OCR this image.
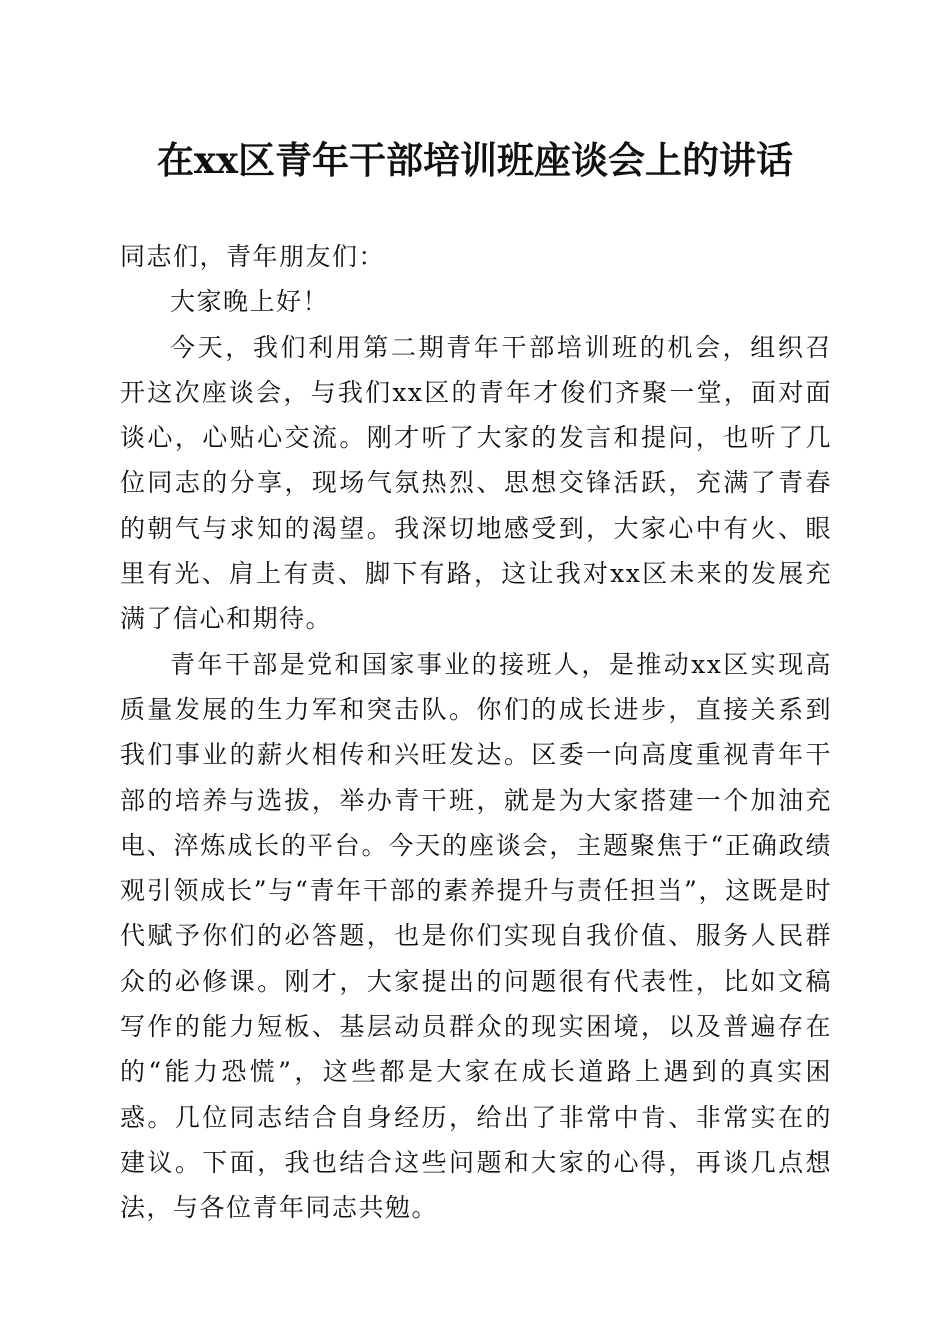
在xx区青年干部培训班座谈会上的讲话

同志们，青年朋友们：

大家晚上好！

今天，我们利用第二期青年干部培训班的机会，组织召开这次座谈会，与我们xx区的青年才俊们齐聚一堂，面对面谈心，心贴心交流。刚才听了大家的发言和提问，也听了几位同志的分享，现场气氛热烈、思想交锋活跃，充满了青春的朝气与求知的渴望。我深切地感受到，大家心中有火、眼里有光、肩上有责、脚下有路，这让我对xx区未来的发展充满了信心和期待。

青年干部是党和国家事业的接班人，是推动xx区实现高质量发展的生力军和突击队。你们的成长进步，直接关系到我们事业的薪火相传和兴旺发达。区委一向高度重视青年干部的培养与选拔，举办青干班，就是为大家搭建一个加油充电、淬炼成长的平台。今天的座谈会，主题聚焦于“正确政绩观引领成长”与“青年干部的素养提升与责任担当”，这既是时代赋予你们的必答题，也是你们实现自我价值、服务人民群众的必修课。刚才，大家提出的问题很有代表性，比如文稿写作的能力短板、基层动员群众的现实困境，以及普遍存在的“能力恐慌”，这些都是大家在成长道路上遇到的真实困惑。几位同志结合自身经历，给出了非常中肯、非常实在的建议。下面，我也结合这些问题和大家的心得，再谈几点想法，与各位青年同志共勉。
